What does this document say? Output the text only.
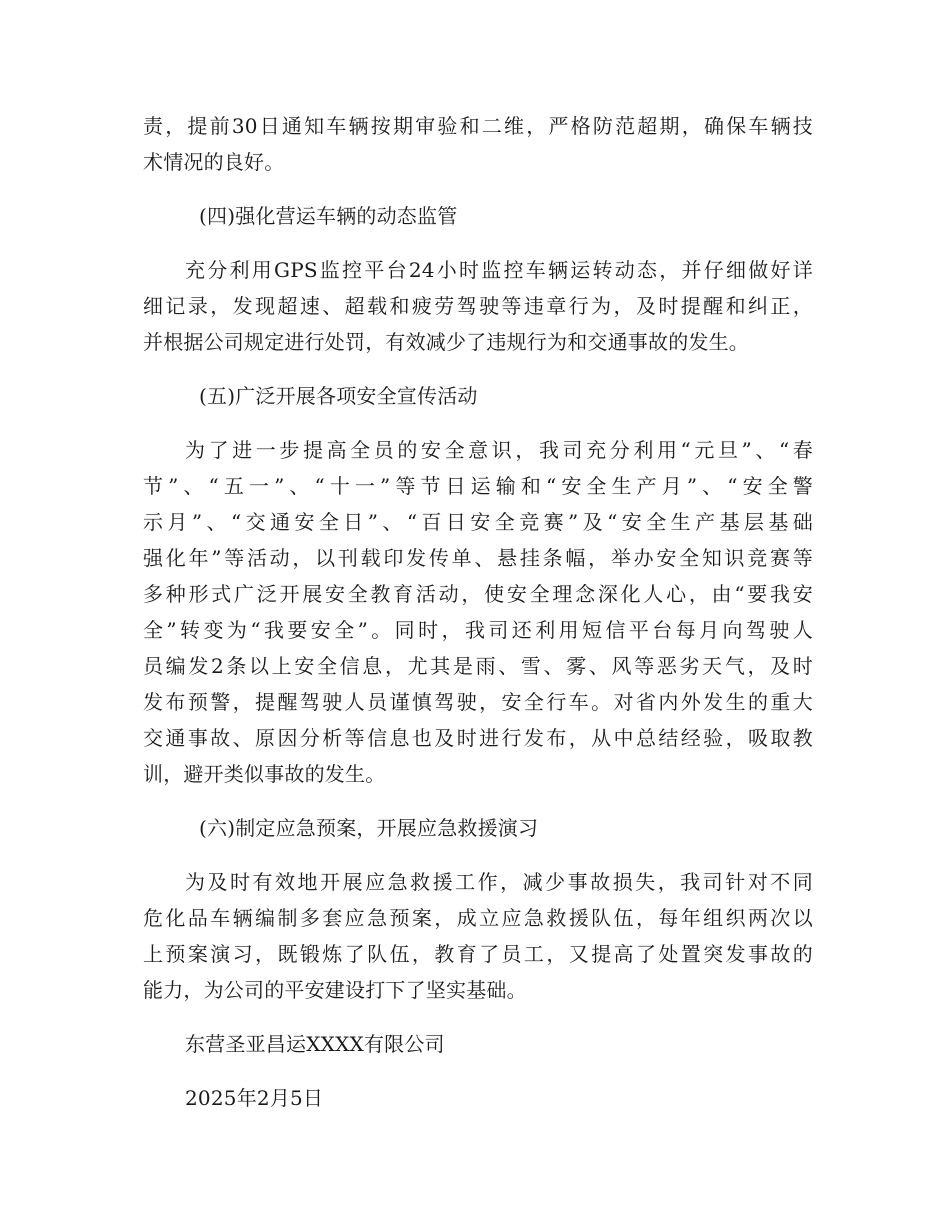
责，提前30日通知车辆按期审验和二维，严格防范超期，确保车辆技
术情况的良好。
(四)强化营运车辆的动态监管
充分利用GPS监控平台24小时监控车辆运转动态，并仔细做好详
细记录，发现超速、超载和疲劳驾驶等违章行为，及时提醒和纠正，
并根据公司规定进行处罚，有效减少了违规行为和交通事故的发生。
(五)广泛开展各项安全宣传活动
为了进一步提高全员的安全意识，我司充分利用“元旦”、“春
节”、“五一”、“十一”等节日运输和“安全生产月”、“安全警
示月”、“交通安全日”、“百日安全竞赛”及“安全生产基层基础
强化年”等活动，以刊载印发传单、悬挂条幅，举办安全知识竞赛等
多种形式广泛开展安全教育活动，使安全理念深化人心，由“要我安
全”转变为“我要安全”。同时，我司还利用短信平台每月向驾驶人
员编发2条以上安全信息，尤其是雨、雪、雾、风等恶劣天气，及时
发布预警，提醒驾驶人员谨慎驾驶，安全行车。对省内外发生的重大
交通事故、原因分析等信息也及时进行发布，从中总结经验，吸取教
训，避开类似事故的发生。
(六)制定应急预案，开展应急救援演习
为及时有效地开展应急救援工作，减少事故损失，我司针对不同
危化品车辆编制多套应急预案，成立应急救援队伍，每年组织两次以
上预案演习，既锻炼了队伍，教育了员工，又提高了处置突发事故的
能力，为公司的平安建设打下了坚实基础。
东营圣亚昌运XXXX有限公司
2025年2月5日
